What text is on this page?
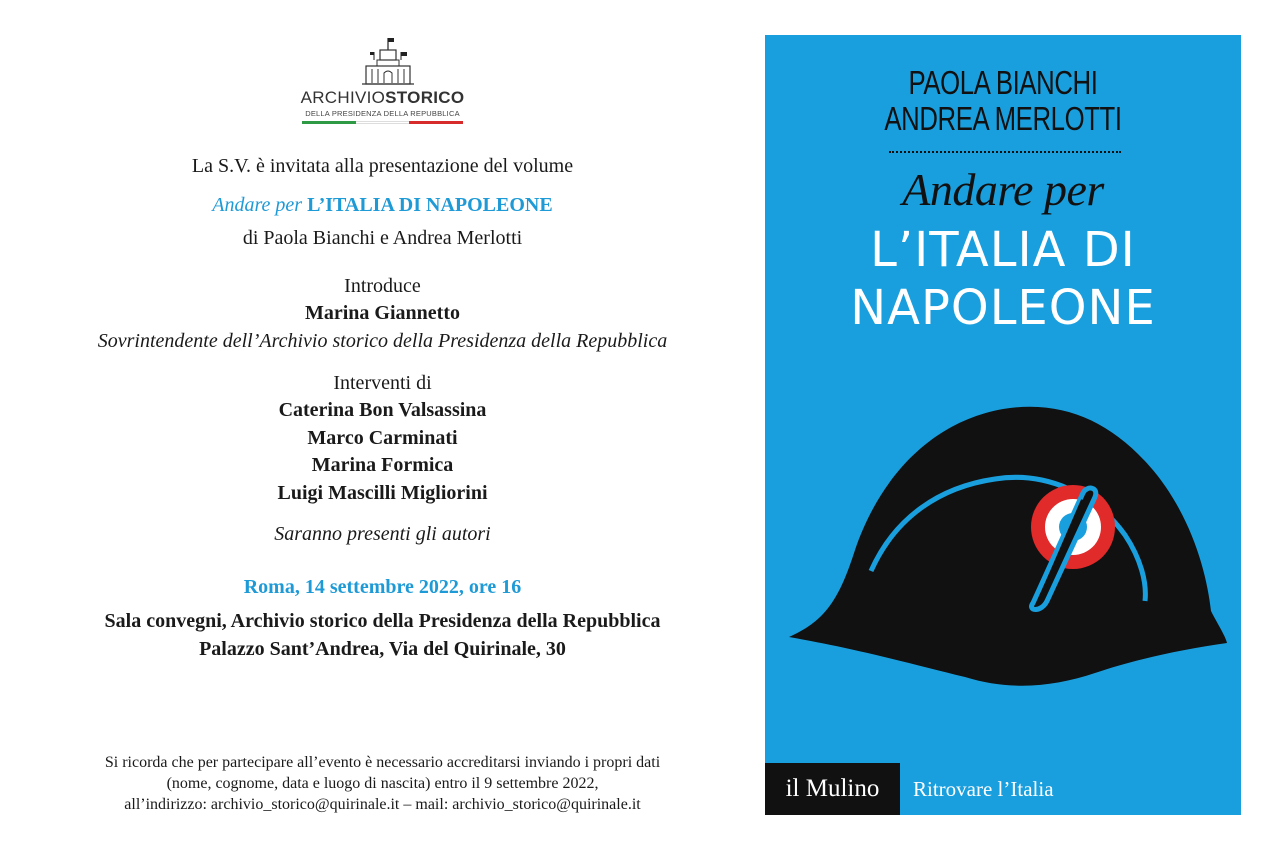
ARCHIVIOSTORICO
DELLA PRESIDENZA DELLA REPUBBLICA
La S.V. è invitata alla presentazione del volume
Andare per L’ITALIA DI NAPOLEONE
di Paola Bianchi e Andrea Merlotti
Introduce
Marina Giannetto
Sovrintendente dell’Archivio storico della Presidenza della Repubblica
Interventi di
Caterina Bon Valsassina
Marco Carminati
Marina Formica
Luigi Mascilli Migliorini
Saranno presenti gli autori
Roma, 14 settembre 2022, ore 16
Sala convegni, Archivio storico della Presidenza della Repubblica
Palazzo Sant’Andrea, Via del Quirinale, 30
Si ricorda che per partecipare all’evento è necessario accreditarsi inviando i propri dati
(nome, cognome, data e luogo di nascita) entro il 9 settembre 2022,
all’indirizzo: archivio_storico@quirinale.it – mail: archivio_storico@quirinale.it
PAOLA BIANCHI
ANDREA MERLOTTI
Andare per
L’ITALIA DI
NAPOLEONE
il Mulino	Ritrovare l’Italia
